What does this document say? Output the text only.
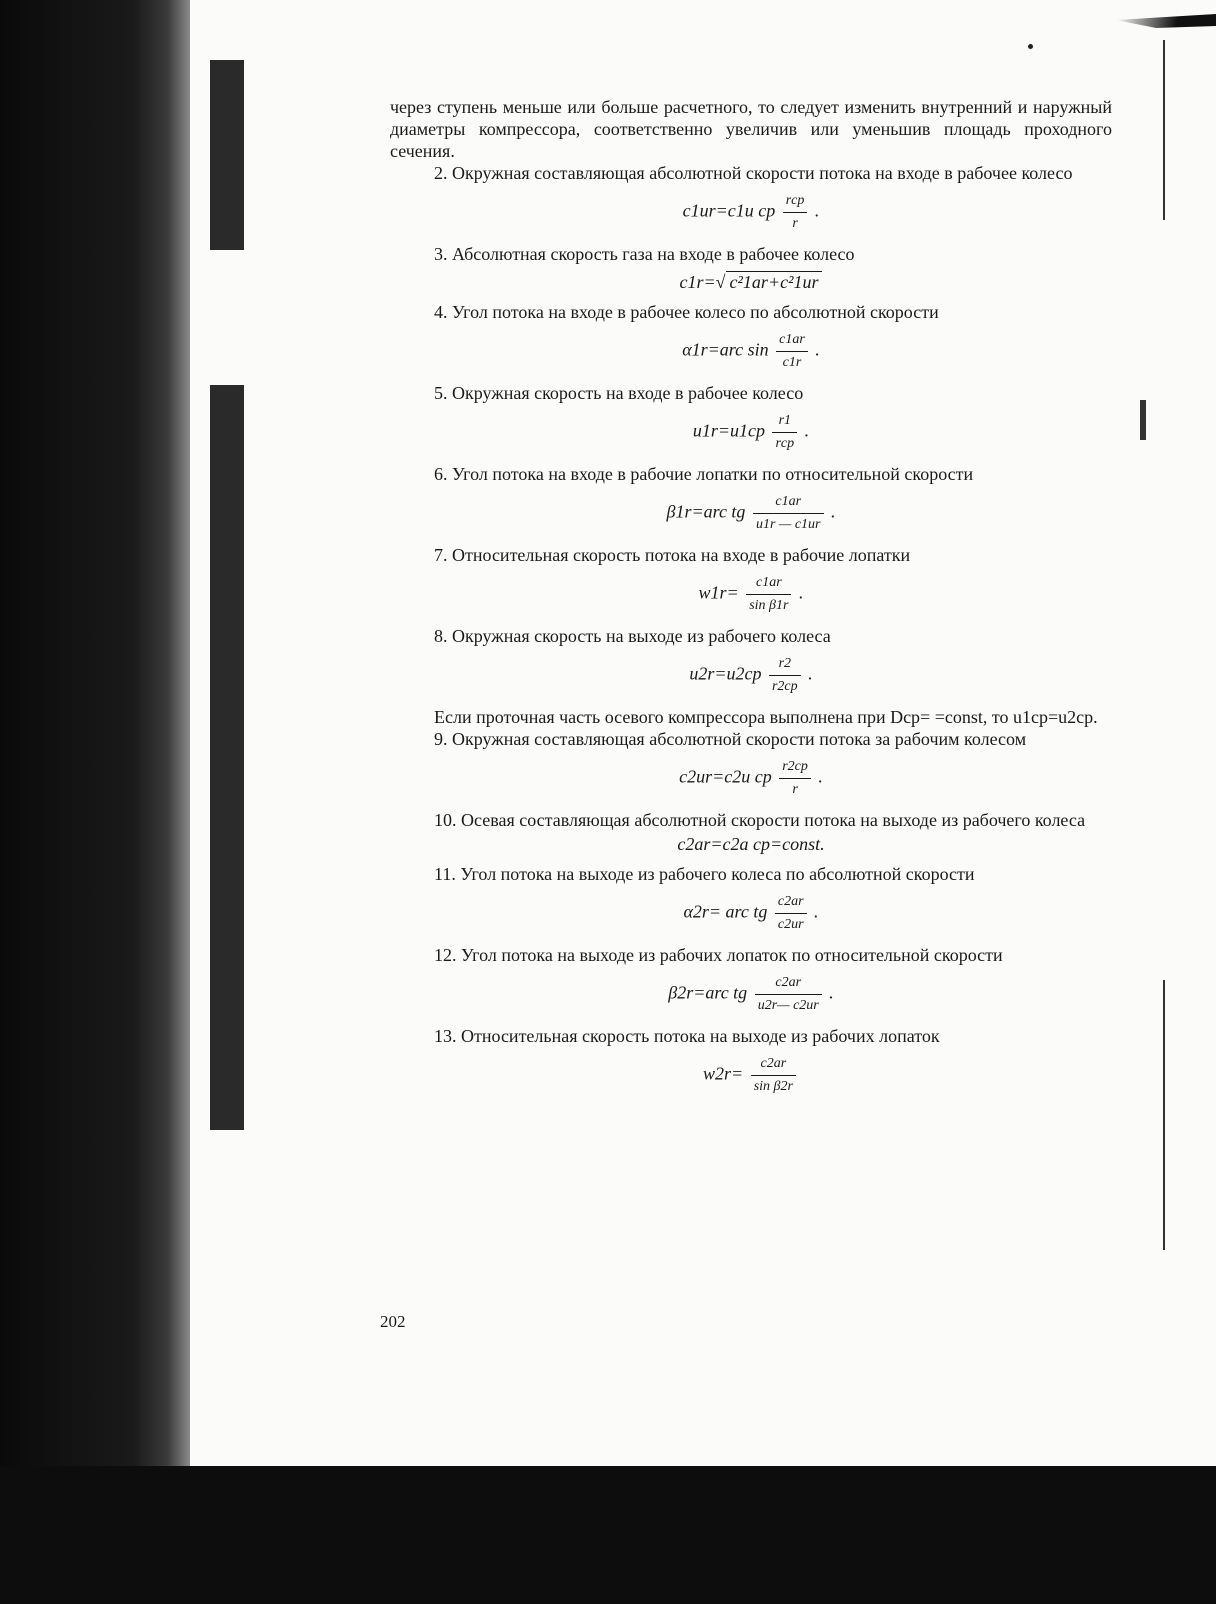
через ступень меньше или больше расчетного, то следует изменить внутренний и наружный диаметры компрессора, соответственно увеличив или уменьшив площадь проходного сечения.

2. Окружная составляющая абсолютной скорости потока на входе в рабочее колесо

c1ur=c1u ср $\frac{\text{rср}}{r}$ .

3. Абсолютная скорость газа на входе в рабочее колесо

c1r=√ c²1ar+c²1ur

4. Угол потока на входе в рабочее колесо по абсолютной скорости

α1r=arc $\sin \frac{c1ar}{c1r}$ .

5. Окружная скорость на входе в рабочее колесо

$u1r=u1ср \frac{r1}{\text{rср}}$ .

6. Угол потока на входе в рабочие лопатки по относительной скорости

β1r=arc tg $\frac{c1ar}{u1r — c1ur}$ .

7. Относительная скорость потока на входе в рабочие лопатки

$w1r= \frac{c1ar}{\text{sin β1r}}$ .

8. Окружная скорость на выходе из рабочего колеса

$u2r=u2ср \frac{r2}{r2ср}$ .

Если проточная часть осевого компрессора выполнена при Dср= =const, то u1ср=u2ср.

9. Окружная составляющая абсолютной скорости потока за рабочим колесом

c2ur=c2u ср $\frac{r2ср}{r}$ .

10. Осевая составляющая абсолютной скорости потока на выходе из рабочего колеса

c2ar=c2a ср=const.

11. Угол потока на выходе из рабочего колеса по абсолютной скорости

α2r= arc tg $\frac{c2ar}{c2ur}$ .

12. Угол потока на выходе из рабочих лопаток по относительной скорости

β2r=arc tg $\frac{c2ar}{u2r— c2ur}$ .

13. Относительная скорость потока на выходе из рабочих лопаток

$w2r= \frac{c2ar}{\text{sin β2r}}$
202
